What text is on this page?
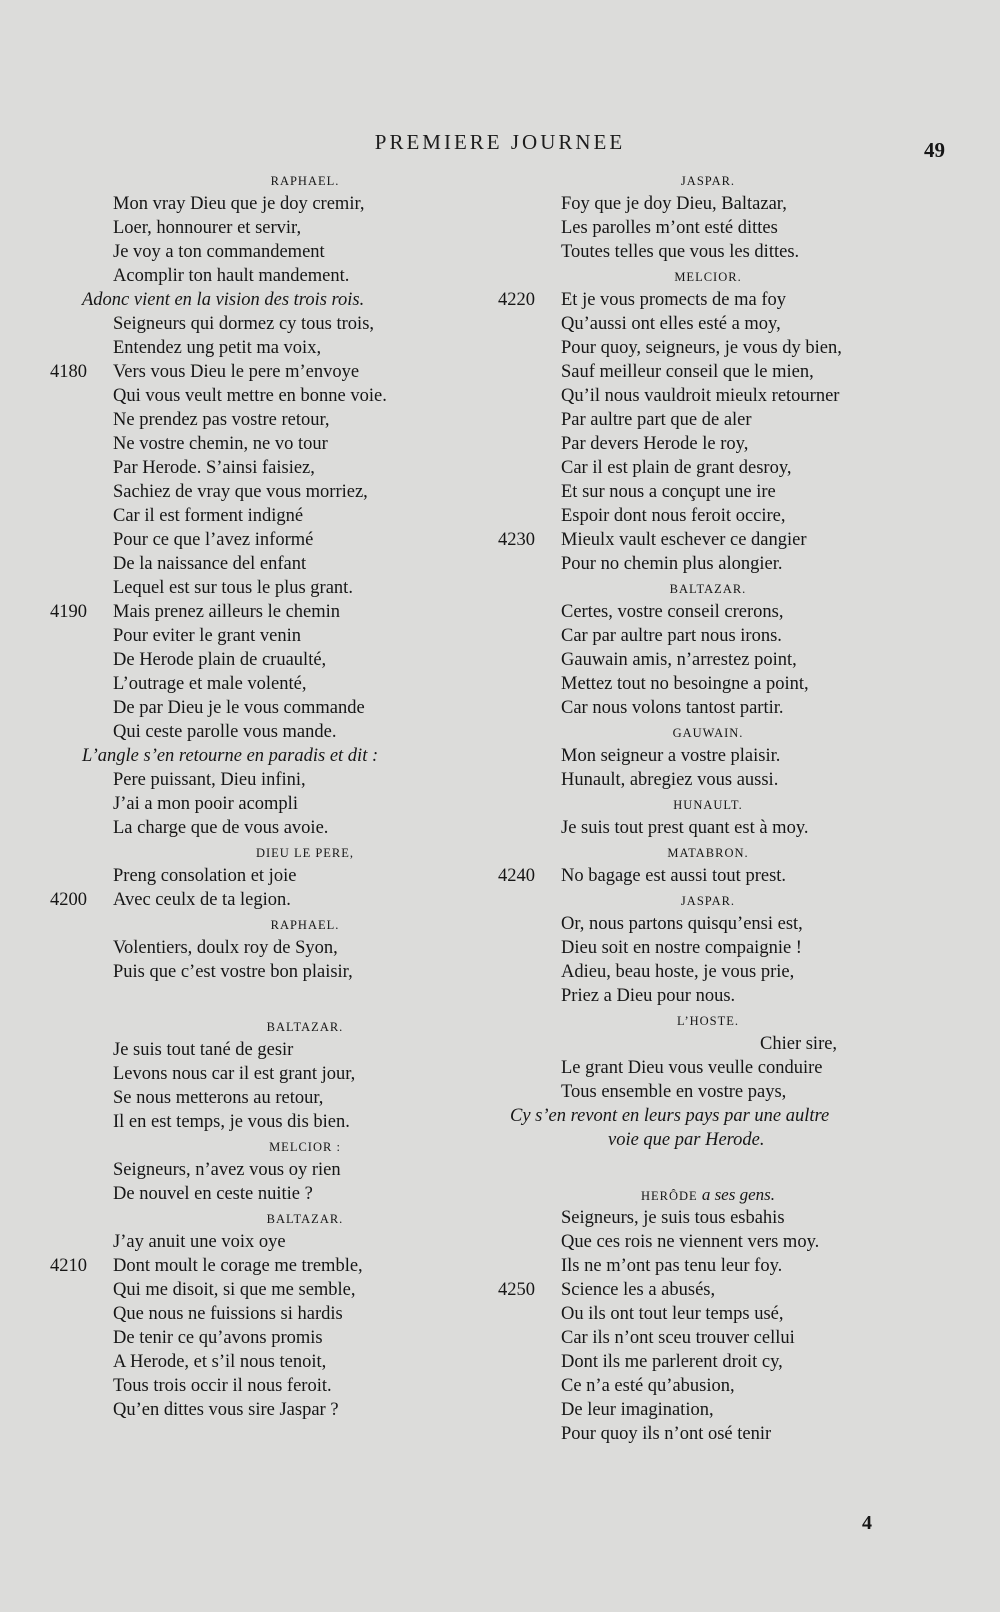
PREMIERE JOURNEE	49
RAPHAEL.
Mon vray Dieu que je doy cremir,
Loer, honnourer et servir,
Je voy a ton commandement
Acomplir ton hault mandement.
Adonc vient en la vision des trois rois.
Seigneurs qui dormez cy tous trois,
Entendez ung petit ma voix,
4180	Vers vous Dieu le pere m’envoye
Qui vous veult mettre en bonne voie.
Ne prendez pas vostre retour,
Ne vostre chemin, ne vo tour
Par Herode. S’ainsi faisiez,
Sachiez de vray que vous morriez,
Car il est forment indigné
Pour ce que l’avez informé
De la naissance del enfant
Lequel est sur tous le plus grant.
4190	Mais prenez ailleurs le chemin
Pour eviter le grant venin
De Herode plain de cruaulté,
L’outrage et male volenté,
De par Dieu je le vous commande
Qui ceste parolle vous mande.
L’angle s’en retourne en paradis et dit :
Pere puissant, Dieu infini,
J’ai a mon pooir acompli
La charge que de vous avoie.
DIEU LE PERE,
Preng consolation et joie
4200	Avec ceulx de ta legion.
RAPHAEL.
Volentiers, doulx roy de Syon,
Puis que c’est vostre bon plaisir,
BALTAZAR.
Je suis tout tané de gesir
Levons nous car il est grant jour,
Se nous metterons au retour,
Il en est temps, je vous dis bien.
MELCIOR :
Seigneurs, n’avez vous oy rien
De nouvel en ceste nuitie ?
BALTAZAR.
J’ay anuit une voix oye
4210	Dont moult le corage me tremble,
Qui me disoit, si que me semble,
Que nous ne fuissions si hardis
De tenir ce qu’avons promis
A Herode, et s’il nous tenoit,
Tous trois occir il nous feroit.
Qu’en dittes vous sire Jaspar ?
JASPAR.
Foy que je doy Dieu, Baltazar,
Les parolles m’ont esté dittes
Toutes telles que vous les dittes.
MELCIOR.
4220	Et je vous promects de ma foy
Qu’aussi ont elles esté a moy,
Pour quoy, seigneurs, je vous dy bien,
Sauf meilleur conseil que le mien,
Qu’il nous vauldroit mieulx retourner
Par aultre part que de aler
Par devers Herode le roy,
Car il est plain de grant desroy,
Et sur nous a conçupt une ire
Espoir dont nous feroit occire,
4230	Mieulx vault eschever ce dangier
Pour no chemin plus alongier.
BALTAZAR.
Certes, vostre conseil crerons,
Car par aultre part nous irons.
Gauwain amis, n’arrestez point,
Mettez tout no besoingne a point,
Car nous volons tantost partir.
GAUWAIN.
Mon seigneur a vostre plaisir.
Hunault, abregiez vous aussi.
HUNAULT.
Je suis tout prest quant est à moy.
MATABRON.
4240	No bagage est aussi tout prest.
JASPAR.
Or, nous partons quisqu’ensi est,
Dieu soit en nostre compaignie !
Adieu, beau hoste, je vous prie,
Priez a Dieu pour nous.
L’HOSTE.
Chier sire,
Le grant Dieu vous veulle conduire
Tous ensemble en vostre pays,
Cy s’en revont en leurs pays par une aultre
voie que par Herode.
HERÔDE a ses gens.
Seigneurs, je suis tous esbahis
Que ces rois ne viennent vers moy.
Ils ne m’ont pas tenu leur foy.
4250	Science les a abusés,
Ou ils ont tout leur temps usé,
Car ils n’ont sceu trouver cellui
Dont ils me parlerent droit cy,
Ce n’a esté qu’abusion,
De leur imagination,
Pour quoy ils n’ont osé tenir
4
